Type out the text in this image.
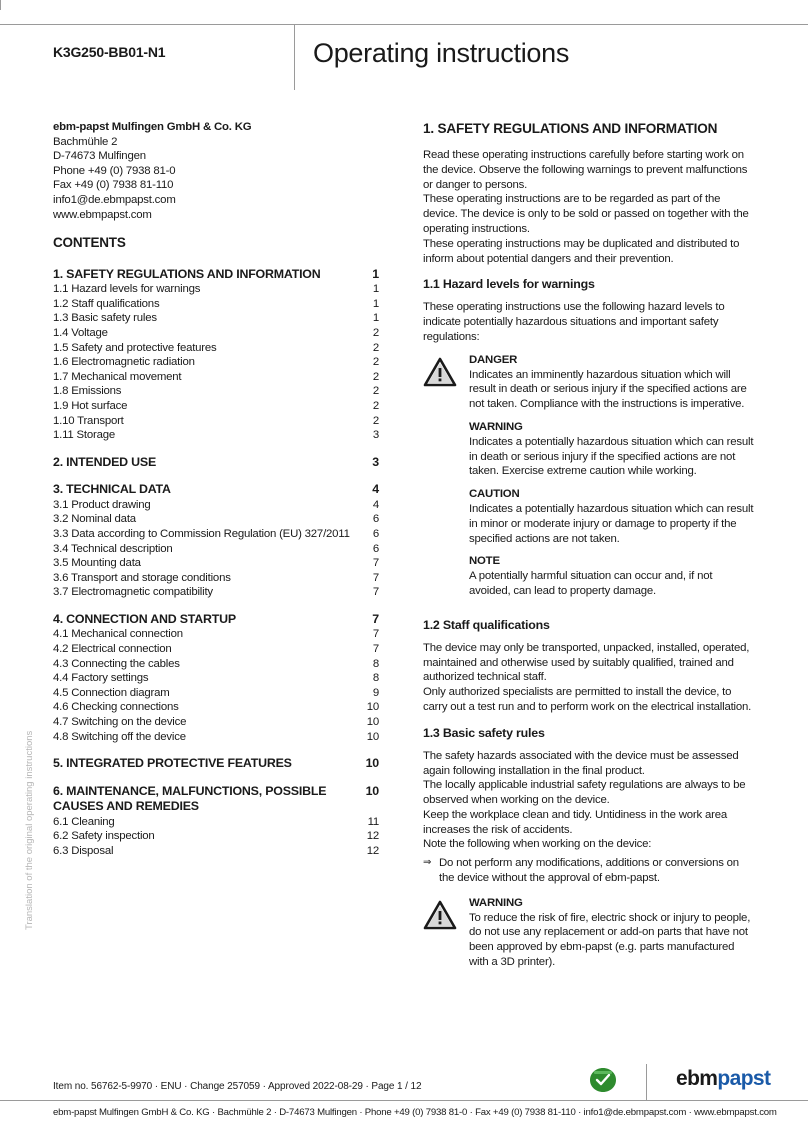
K3G250-BB01-N1	Operating instructions
ebm-papst Mulfingen GmbH & Co. KG
Bachmühle 2
D-74673 Mulfingen
Phone +49 (0) 7938 81-0
Fax +49 (0) 7938 81-110
info1@de.ebmpapst.com
www.ebmpapst.com
CONTENTS
1. SAFETY REGULATIONS AND INFORMATION	1
1.1 Hazard levels for warnings	1
1.2 Staff qualifications	1
1.3 Basic safety rules	1
1.4 Voltage	2
1.5 Safety and protective features	2
1.6 Electromagnetic radiation	2
1.7 Mechanical movement	2
1.8 Emissions	2
1.9 Hot surface	2
1.10 Transport	2
1.11 Storage	3
2. INTENDED USE	3
3. TECHNICAL DATA	4
3.1 Product drawing	4
3.2 Nominal data	6
3.3 Data according to Commission Regulation (EU) 327/2011	6
3.4 Technical description	6
3.5 Mounting data	7
3.6 Transport and storage conditions	7
3.7 Electromagnetic compatibility	7
4. CONNECTION AND STARTUP	7
4.1 Mechanical connection	7
4.2 Electrical connection	7
4.3 Connecting the cables	8
4.4 Factory settings	8
4.5 Connection diagram	9
4.6 Checking connections	10
4.7 Switching on the device	10
4.8 Switching off the device	10
5. INTEGRATED PROTECTIVE FEATURES	10
6. MAINTENANCE, MALFUNCTIONS, POSSIBLE CAUSES AND REMEDIES
10
6.1 Cleaning	11
6.2 Safety inspection	12
6.3 Disposal	12
1. SAFETY REGULATIONS AND INFORMATION

Read these operating instructions carefully before starting work on the device. Observe the following warnings to prevent malfunctions or danger to persons.

These operating instructions are to be regarded as part of the device. The device is only to be sold or passed on together with the operating instructions.

These operating instructions may be duplicated and distributed to inform about potential dangers and their prevention.

1.1 Hazard levels for warnings

These operating instructions use the following hazard levels to indicate potentially hazardous situations and important safety regulations:

DANGER
Indicates an imminently hazardous situation which will result in death or serious injury if the specified actions are not taken. Compliance with the instructions is imperative.
WARNING
Indicates a potentially hazardous situation which can result in death or serious injury if the specified actions are not taken. Exercise extreme caution while working.
CAUTION
Indicates a potentially hazardous situation which can result in minor or moderate injury or damage to property if the specified actions are not taken.
NOTE
A potentially harmful situation can occur and, if not avoided, can lead to property damage.
1.2 Staff qualifications

The device may only be transported, unpacked, installed, operated, maintained and otherwise used by suitably qualified, trained and authorized technical staff.

Only authorized specialists are permitted to install the device, to carry out a test run and to perform work on the electrical installation.

1.3 Basic safety rules

The safety hazards associated with the device must be assessed again following installation in the final product.

The locally applicable industrial safety regulations are always to be observed when working on the device.

Keep the workplace clean and tidy. Untidiness in the work area increases the risk of accidents.

Note the following when working on the device:

⇒ Do not perform any modifications, additions or conversions on the device without the approval of ebm-papst.
WARNING
To reduce the risk of fire, electric shock or injury to people, do not use any replacement or add-on parts that have not been approved by ebm-papst (e.g. parts manufactured with a 3D printer).
Translation of the original operating instructions
Item no. 56762-5-9970 · ENU · Change 257059 · Approved 2022-08-29 · Page 1 / 12	ebmpapst
ebm-papst Mulfingen GmbH & Co. KG · Bachmühle 2 · D-74673 Mulfingen · Phone +49 (0) 7938 81-0 · Fax +49 (0) 7938 81-110 · info1@de.ebmpapst.com · www.ebmpapst.com
